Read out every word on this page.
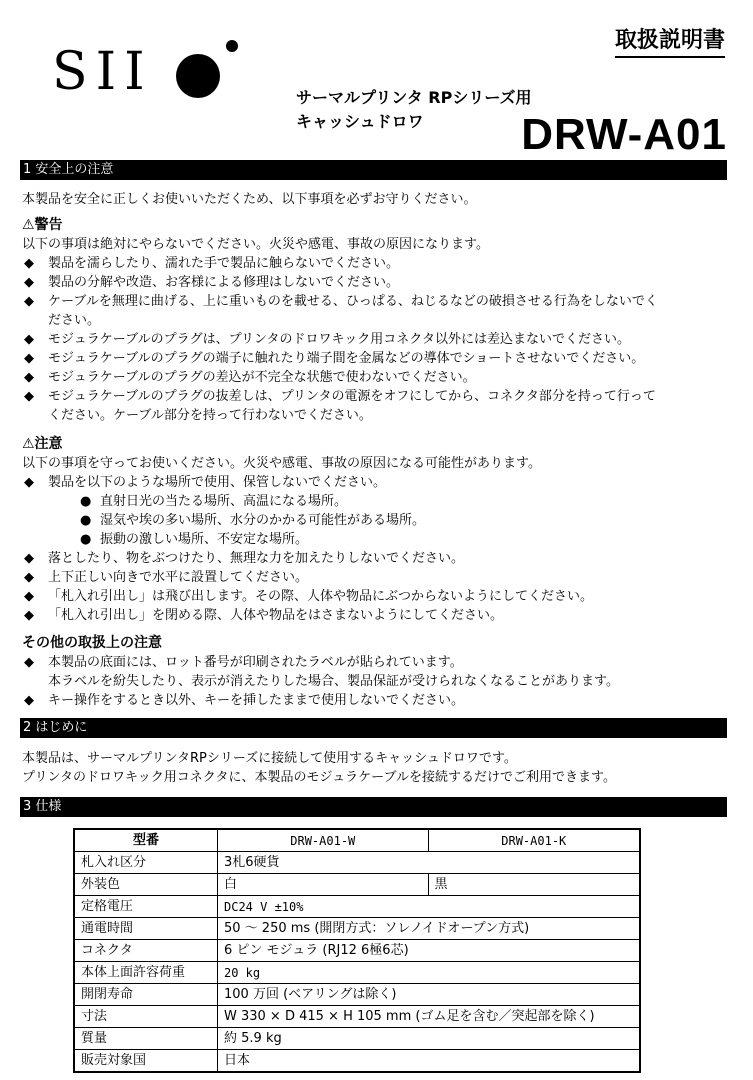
SII
取扱説明書
サーマルプリンタ RPシリーズ用
キャッシュドロワ DRW-A01
1 安全上の注意
本製品を安全に正しくお使いいただくため、以下事項を必ずお守りください。
⚠警告
以下の事項は絶対にやらないでください。火災や感電、事故の原因になります。
◆ 製品を濡らしたり、濡れた手で製品に触らないでください。
◆ 製品の分解や改造、お客様による修理はしないでください。
◆ ケーブルを無理に曲げる、上に重いものを載せる、ひっぱる、ねじるなどの破損させる行為をしないでく
ださい。
◆ モジュラケーブルのプラグは、プリンタのドロワキック用コネクタ以外には差込まないでください。
◆ モジュラケーブルのプラグの端子に触れたり端子間を金属などの導体でショートさせないでください。
◆ モジュラケーブルのプラグの差込が不完全な状態で使わないでください。
◆ モジュラケーブルのプラグの抜差しは、プリンタの電源をオフにしてから、コネクタ部分を持って行って
ください。ケーブル部分を持って行わないでください。
⚠注意
以下の事項を守ってお使いください。火災や感電、事故の原因になる可能性があります。
◆ 製品を以下のような場所で使用、保管しないでください。
● 直射日光の当たる場所、高温になる場所。
● 湿気や埃の多い場所、水分のかかる可能性がある場所。
● 振動の激しい場所、不安定な場所。
◆ 落としたり、物をぶつけたり、無理な力を加えたりしないでください。
◆ 上下正しい向きで水平に設置してください。
◆ 「札入れ引出し」は飛び出します。その際、人体や物品にぶつからないようにしてください。
◆ 「札入れ引出し」を閉める際、人体や物品をはさまないようにしてください。
その他の取扱上の注意
◆ 本製品の底面には、ロット番号が印刷されたラベルが貼られています。
本ラベルを紛失したり、表示が消えたりした場合、製品保証が受けられなくなることがあります。
◆ キー操作をするとき以外、キーを挿したままで使用しないでください。
2 はじめに
本製品は、サーマルプリンタRPシリーズに接続して使用するキャッシュドロワです。
プリンタのドロワキック用コネクタに、本製品のモジュラケーブルを接続するだけでご利用できます。
3 仕様
型番	DRW-A01-W	DRW-A01-K
札入れ区分	3札6硬貨	
外装色	白	黒
定格電圧	DC24 V ±10%	
通電時間	50 ～ 250 ms (開閉方式：ソレノイドオープン方式)	
コネクタ	6 ピン モジュラ (RJ12 6極6芯)	
本体上面許容荷重	20 kg	
開閉寿命	100 万回 (ベアリングは除く)	
寸法	W 330 × D 415 × H 105 mm (ゴム足を含む／突起部を除く)	
質量	約 5.9 kg	
販売対象国	日本	
